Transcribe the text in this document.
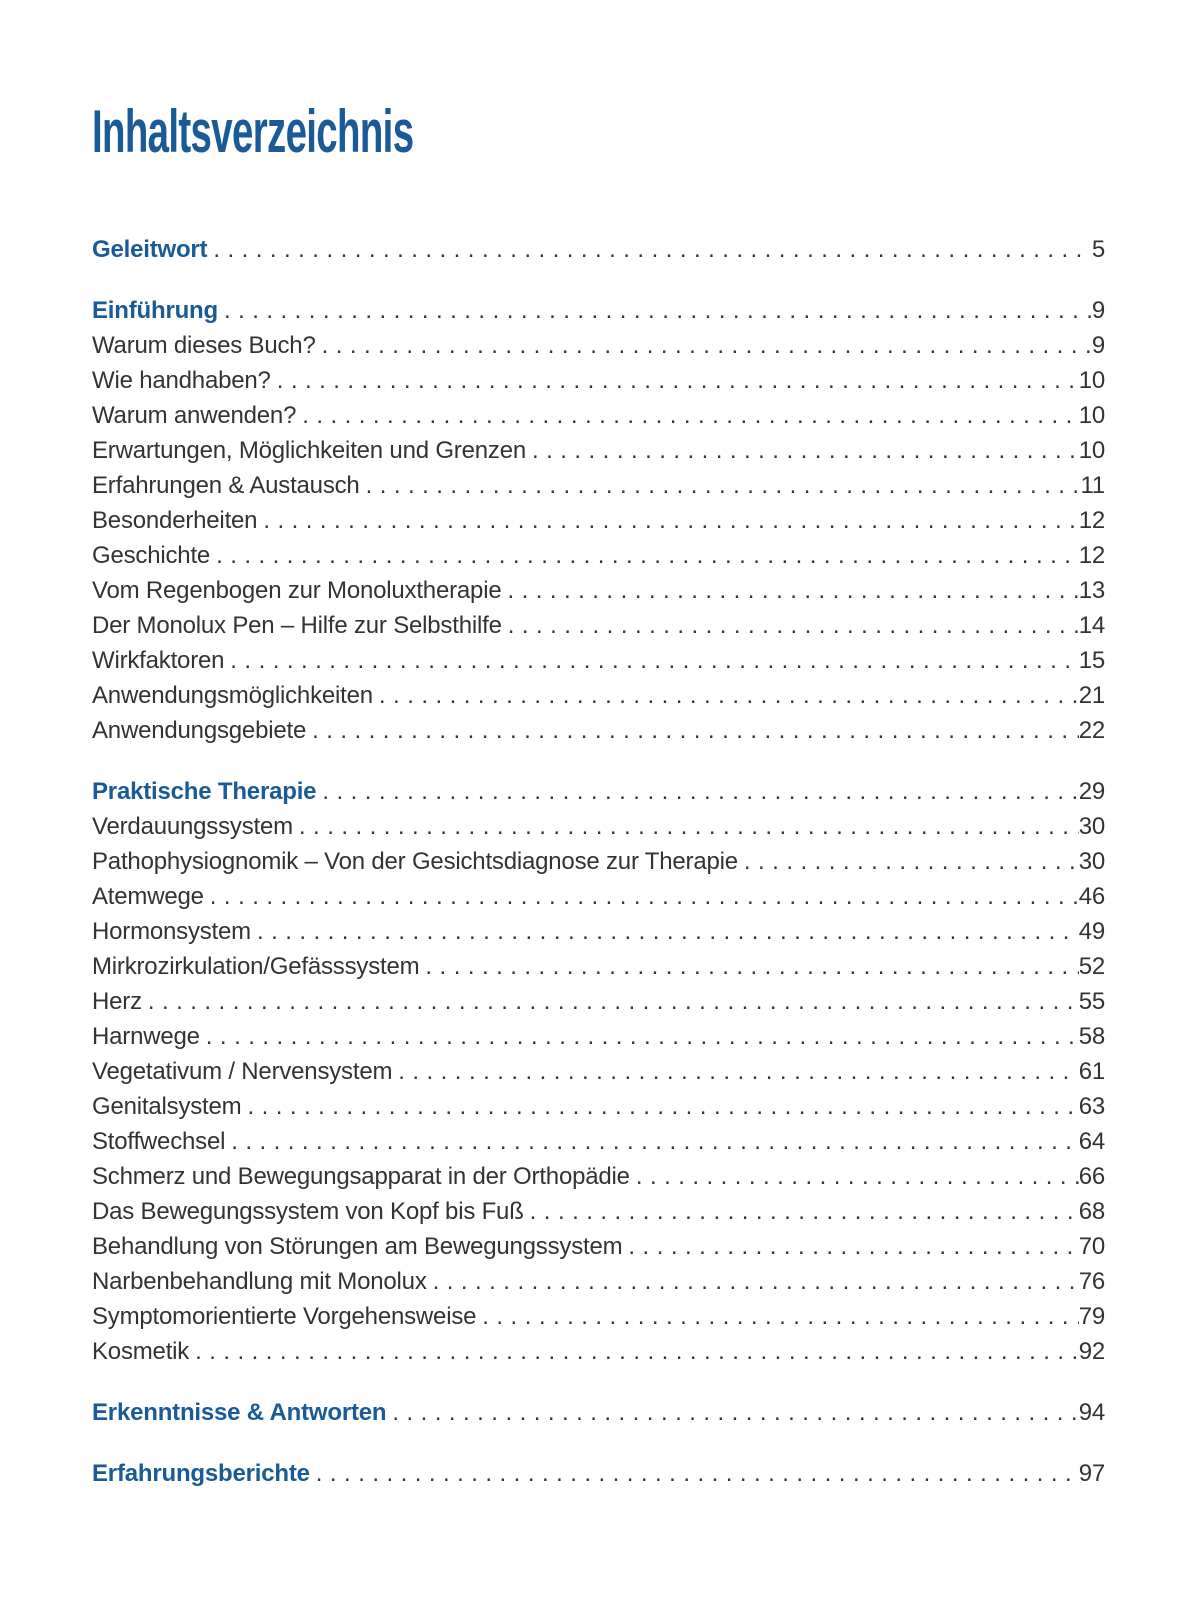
Inhaltsverzeichnis
Geleitwort . . .	5
Einführung . . .	9
Warum dieses Buch? . . .	9
Wie handhaben? . . .	10
Warum anwenden? . . .	10
Erwartungen, Möglichkeiten und Grenzen . . .	10
Erfahrungen & Austausch . . .	11
Besonderheiten . . .	12
Geschichte . . .	12
Vom Regenbogen zur Monoluxtherapie . . .	13
Der Monolux Pen – Hilfe zur Selbsthilfe . . .	14
Wirkfaktoren . . .	15
Anwendungsmöglichkeiten . . .	21
Anwendungsgebiete . . .	22
Praktische Therapie . . .	29
Verdauungssystem . . .	30
Pathophysiognomik – Von der Gesichtsdiagnose zur Therapie . . .	30
Atemwege . . .	46
Hormonsystem . . .	49
Mirkrozirkulation/Gefässsystem . . .	52
Herz . . .	55
Harnwege . . .	58
Vegetativum / Nervensystem . . .	61
Genitalsystem . . .	63
Stoffwechsel . . .	64
Schmerz und Bewegungsapparat in der Orthopädie . . .	66
Das Bewegungssystem von Kopf bis Fuß . . .	68
Behandlung von Störungen am Bewegungssystem . . .	70
Narbenbehandlung mit Monolux . . .	76
Symptomorientierte Vorgehensweise . . .	79
Kosmetik . . .	92
Erkenntnisse & Antworten . . .	94
Erfahrungsberichte . . .	97
